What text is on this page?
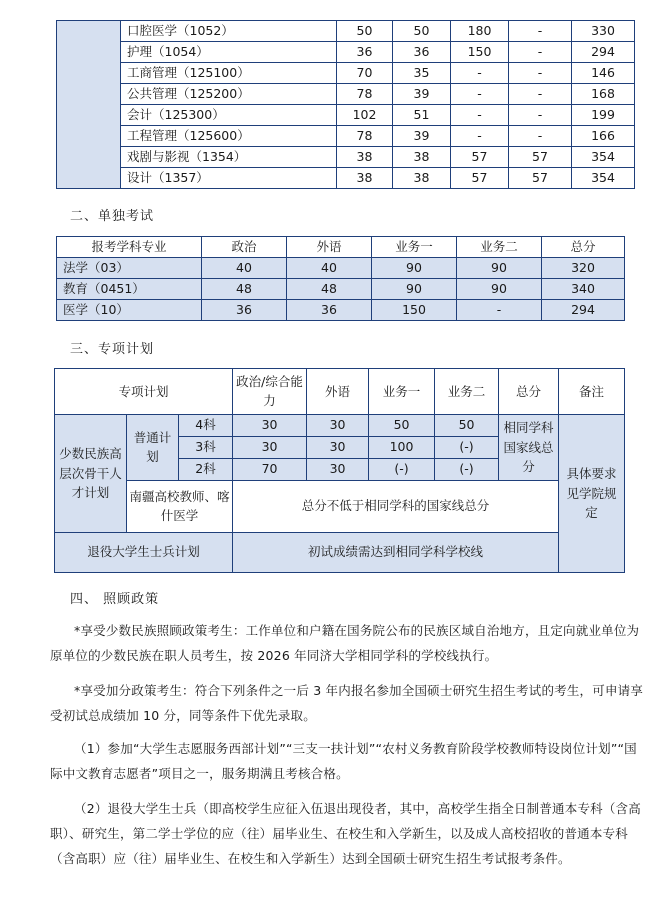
	口腔医学（1052）	50	50	180	-	330
	护理（1054）	36	36	150	-	294
	工商管理（125100）	70	35	-	-	146
	公共管理（125200）	78	39	-	-	168
	会计（125300）	102	51	-	-	199
	工程管理（125600）	78	39	-	-	166
	戏剧与影视（1354）	38	38	57	57	354
	设计（1357）	38	38	57	57	354
二、单独考试
报考学科专业	政治	外语	业务一	业务二	总分
法学（03）	40	40	90	90	320
教育（0451）	48	48	90	90	340
医学（10）	36	36	150	-	294
三、专项计划
专项计划			政治/综合能力	外语	业务一	业务二	总分	备注
少数民族高层次骨干人才计划	普通计划	4科	30	30	50	50	相同学科国家线总分	具体要求见学院规定
		3科	30	30	100	(-)		
		2科	70	30	(-)	(-)		
	南疆高校教师、喀什医学		总分不低于相同学科的国家线总分					
退役大学生士兵计划			初试成绩需达到相同学科学校线					
四、 照顾政策

*享受少数民族照顾政策考生：工作单位和户籍在国务院公布的民族区域自治地方，且定向就业单位为原单位的少数民族在职人员考生，按 2026 年同济大学相同学科的学校线执行。

*享受加分政策考生：符合下列条件之一后 3 年内报名参加全国硕士研究生招生考试的考生，可申请享受初试总成绩加 10 分，同等条件下优先录取。

（1）参加“大学生志愿服务西部计划”“三支一扶计划”“农村义务教育阶段学校教师特设岗位计划”“国际中文教育志愿者”项目之一，服务期满且考核合格。

（2）退役大学生士兵（即高校学生应征入伍退出现役者，其中，高校学生指全日制普通本专科（含高职）、研究生，第二学士学位的应（往）届毕业生、在校生和入学新生，以及成人高校招收的普通本专科（含高职）应（往）届毕业生、在校生和入学新生）达到全国硕士研究生招生考试报考条件。
